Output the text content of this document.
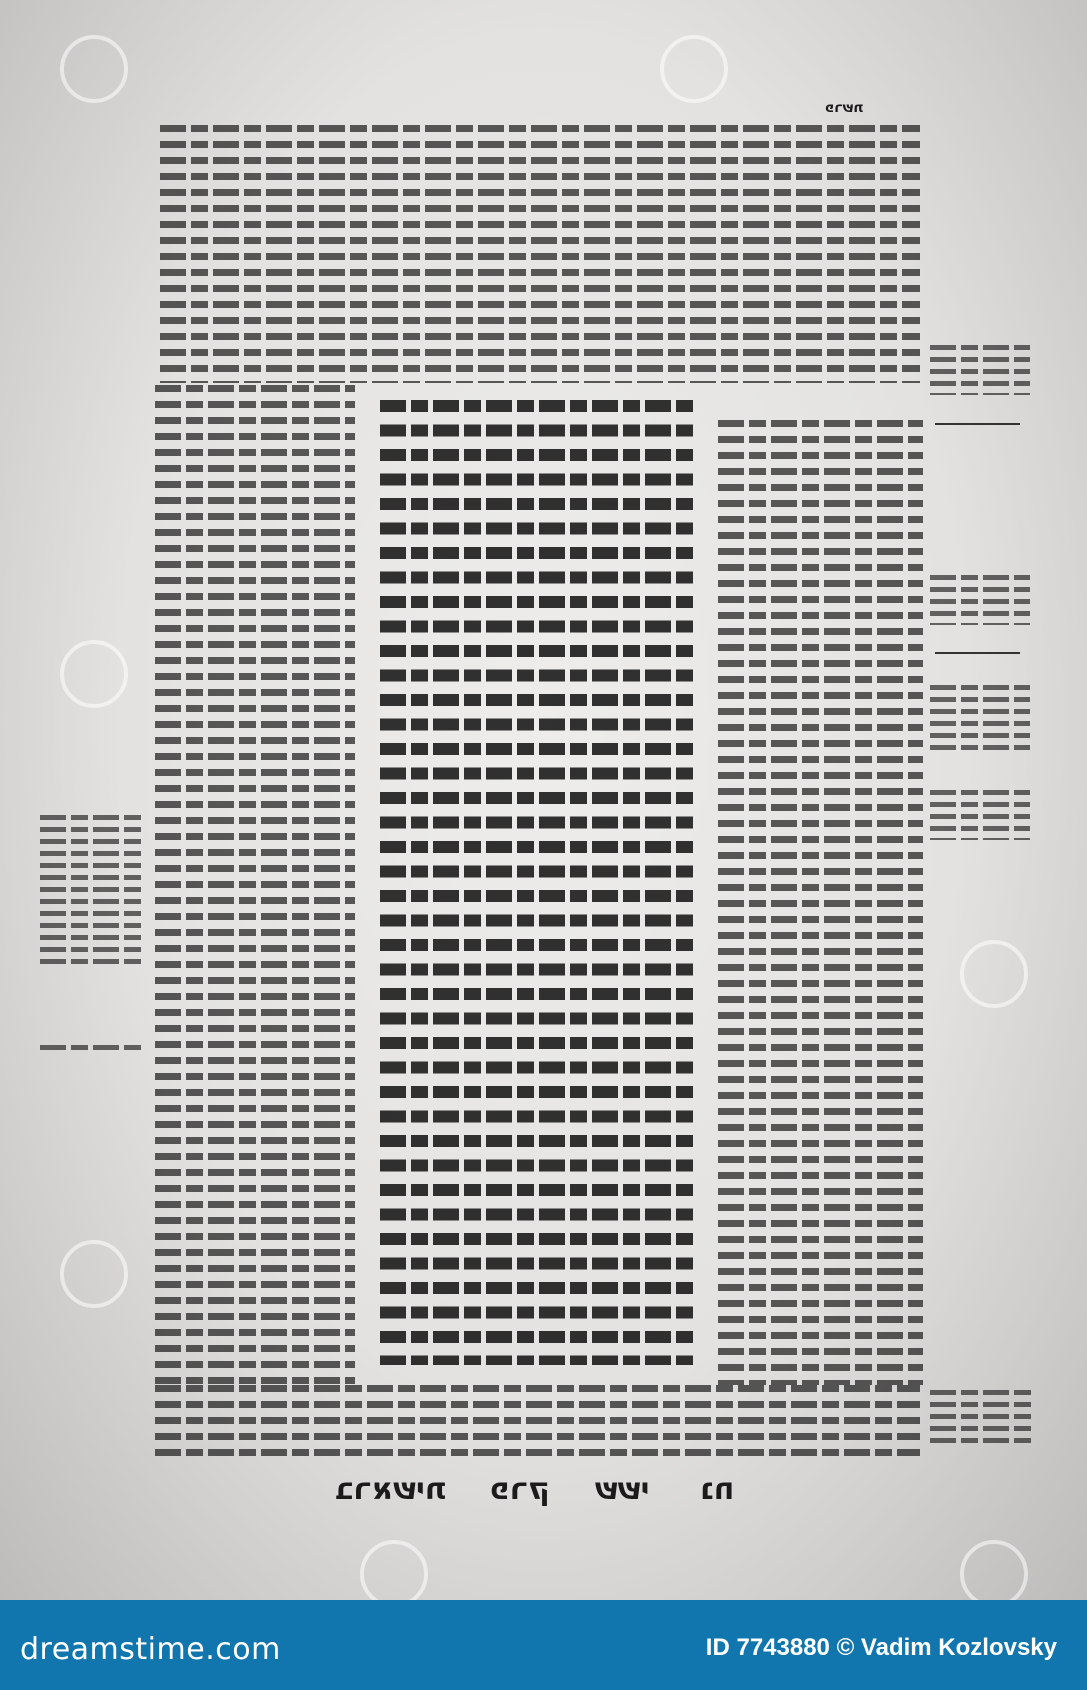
בראשית פרק ששי נח
פרשת
dreamstime.com	ID 7743880 © Vadim Kozlovsky
